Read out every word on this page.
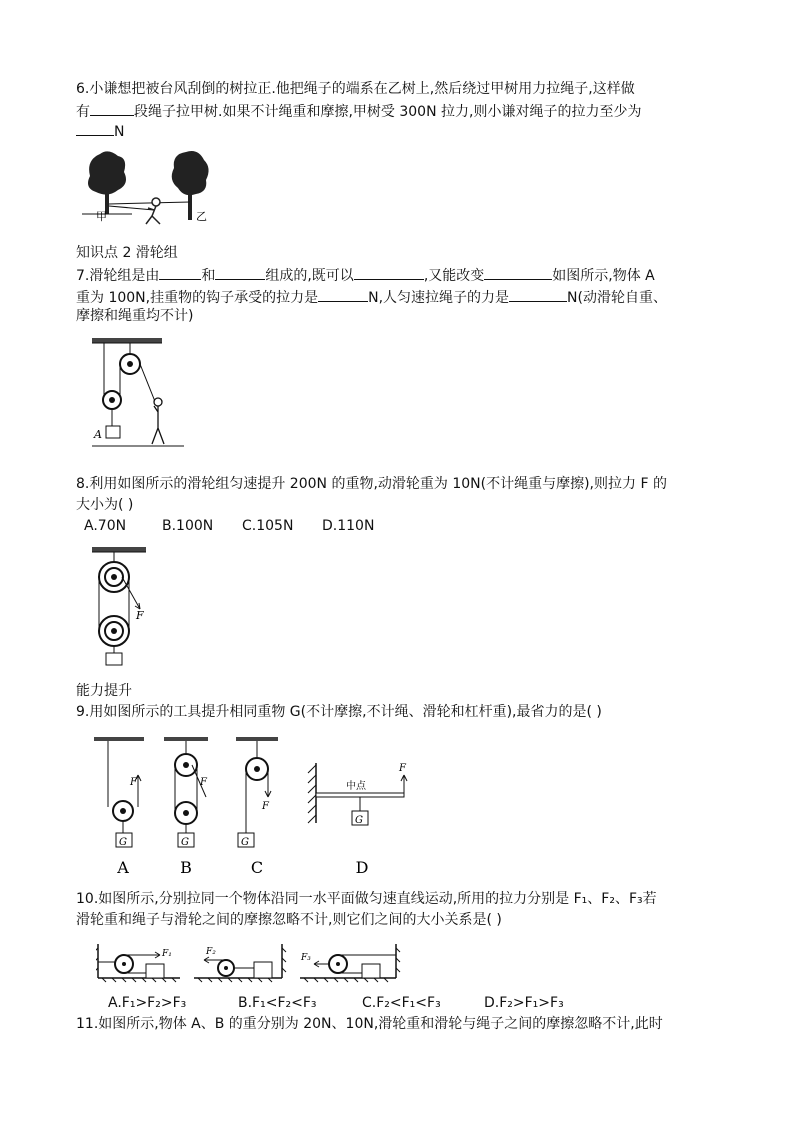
6.小谦想把被台风刮倒的树拉正.他把绳子的端系在乙树上,然后绕过甲树用力拉绳子,这样做
有	段绳子拉甲树.如果不计绳重和摩擦,甲树受 300N 拉力,则小谦对绳子的拉力至少为
N
甲	乙
知识点 2 滑轮组
7.滑轮组是由	和	组成的,既可以	,又能改变	如图所示,物体 A
重为 100N,挂重物的钩子承受的拉力是	N,人匀速拉绳子的力是	N(动滑轮自重、
摩擦和绳重均不计)
A
8.利用如图所示的滑轮组匀速提升 200N 的重物,动滑轮重为 10N(不计绳重与摩擦),则拉力 F 的
大小为( )
A.70N	B.100N C.105N D.110N
F
能力提升
9.用如图所示的工具提升相同重物 G(不计摩擦,不计绳、滑轮和杠杆重),最省力的是( )
G
F	F
G
F
G
F
中点
G
A	B	C	D
10.如图所示,分别拉同一个物体沿同一水平面做匀速直线运动,所用的拉力分别是 F₁、F₂、F₃若
滑轮重和绳子与滑轮之间的摩擦忽略不计,则它们之间的大小关系是( )
F₁	F₂
F₃
A.F₁>F₂>F₃	B.F₁<F₂<F₃	C.F₂<F₁<F₃	D.F₂>F₁>F₃
11.如图所示,物体 A、B 的重分别为 20N、10N,滑轮重和滑轮与绳子之间的摩擦忽略不计,此时
